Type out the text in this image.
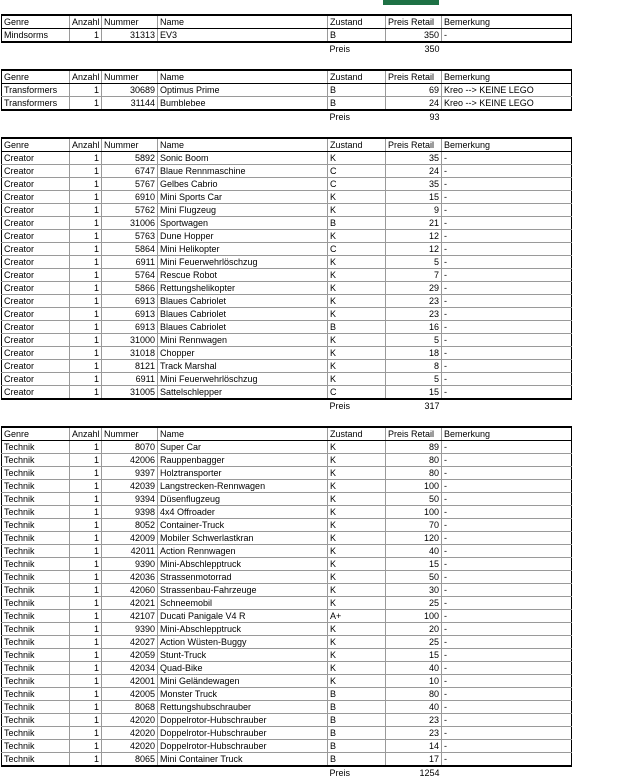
Genre	Anzahl	Nummer	Name	Zustand	Preis Retail	Bemerkung
Mindsorms	1	31313	EV3	B	350	-
				Preis	350	
Genre	Anzahl	Nummer	Name	Zustand	Preis Retail	Bemerkung
Transformers	1	30689	Optimus Prime	B	69	Kreo --> KEINE LEGO
Transformers	1	31144	Bumblebee	B	24	Kreo --> KEINE LEGO
				Preis	93	
Genre	Anzahl	Nummer	Name	Zustand	Preis Retail	Bemerkung
Creator	1	5892	Sonic Boom	K	35	-
Creator	1	6747	Blaue Rennmaschine	C	24	-
Creator	1	5767	Gelbes Cabrio	C	35	-
Creator	1	6910	Mini Sports Car	K	15	-
Creator	1	5762	Mini Flugzeug	K	9	-
Creator	1	31006	Sportwagen	B	21	-
Creator	1	5763	Dune Hopper	K	12	-
Creator	1	5864	Mini Helikopter	C	12	-
Creator	1	6911	Mini Feuerwehrlöschzug	K	5	-
Creator	1	5764	Rescue Robot	K	7	-
Creator	1	5866	Rettungshelikopter	K	29	-
Creator	1	6913	Blaues Cabriolet	K	23	-
Creator	1	6913	Blaues Cabriolet	K	23	-
Creator	1	6913	Blaues Cabriolet	B	16	-
Creator	1	31000	Mini Rennwagen	K	5	-
Creator	1	31018	Chopper	K	18	-
Creator	1	8121	Track Marshal	K	8	-
Creator	1	6911	Mini Feuerwehrlöschzug	K	5	-
Creator	1	31005	Sattelschlepper	C	15	-
				Preis	317	
Genre	Anzahl	Nummer	Name	Zustand	Preis Retail	Bemerkung
Technik	1	8070	Super Car	K	89	-
Technik	1	42006	Rauppenbagger	K	80	-
Technik	1	9397	Holztransporter	K	80	-
Technik	1	42039	Langstrecken-Rennwagen	K	100	-
Technik	1	9394	Düsenflugzeug	K	50	-
Technik	1	9398	4x4 Offroader	K	100	-
Technik	1	8052	Container-Truck	K	70	-
Technik	1	42009	Mobiler Schwerlastkran	K	120	-
Technik	1	42011	Action Rennwagen	K	40	-
Technik	1	9390	Mini-Abschlepptruck	K	15	-
Technik	1	42036	Strassenmotorrad	K	50	-
Technik	1	42060	Strassenbau-Fahrzeuge	K	30	-
Technik	1	42021	Schneemobil	K	25	-
Technik	1	42107	Ducati Panigale V4 R	A+	100	-
Technik	1	9390	Mini-Abschlepptruck	K	20	-
Technik	1	42027	Action Wüsten-Buggy	K	25	-
Technik	1	42059	Stunt-Truck	K	15	-
Technik	1	42034	Quad-Bike	K	40	-
Technik	1	42001	Mini Geländewagen	K	10	-
Technik	1	42005	Monster Truck	B	80	-
Technik	1	8068	Rettungshubschrauber	B	40	-
Technik	1	42020	Doppelrotor-Hubschrauber	B	23	-
Technik	1	42020	Doppelrotor-Hubschrauber	B	23	-
Technik	1	42020	Doppelrotor-Hubschrauber	B	14	-
Technik	1	8065	Mini Container Truck	B	17	-
				Preis	1254	
